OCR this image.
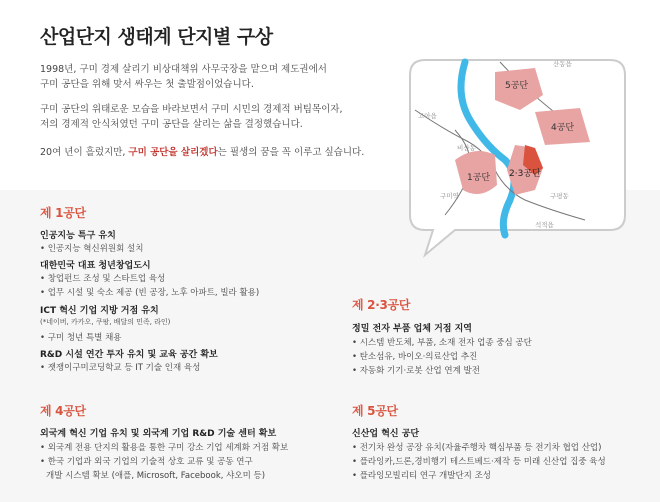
산업단지 생태계 단지별 구상
1998년, 구미 경제 살리기 비상대책위 사무국장을 맡으며 제도권에서
구미 공단을 위해 맞서 싸우는 첫 출발점이었습니다.
구미 공단의 위태로운 모습을 바라보면서 구미 시민의 경제적 버팀목이자,
저의 경제적 안식처였던 구미 공단을 살리는 삶을 결정했습니다.
20여 년이 흘렀지만, 구미 공단을 살리겠다는 필생의 꿈을 꼭 이루고 싶습니다.
5공단
4공단
1공단 2·3공단
산동읍
고아읍
비산동
구미역	구평동
석적읍
제 1공단
인공지능 특구 유치
• 인공지능 혁신위원회 설치
대한민국 대표 청년창업도시
• 창업펀드 조성 및 스타트업 육성
• 업무 시설 및 숙소 제공 (빈 공장, 노후 아파트, 빌라 활용)
ICT 혁신 기업 지방 거점 유치
(*네이버, 카카오, 쿠팡, 배달의 민족, 라인)
• 구미 청년 특별 채용
R&D 시설 연간 투자 유치 및 교육 공간 확보
• 잿쟁이구미코딩학교 등 IT 기술 인재 육성
제 2·3공단
정밀 전자 부품 업체 거점 지역
• 시스템 반도체, 부품, 소재 전자 업종 중심 공단
• 탄소섬유, 바이오·의료산업 추진
• 자동화 기기·로봇 산업 연계 발전
제 4공단
외국계 혁신 기업 유치 및 외국계 기업 R&D 기술 센터 확보
• 외국계 전용 단지의 활용을 통한 구미 강소 기업 세계화 거점 확보
• 한국 기업과 외국 기업의 기술적 상호 교류 및 공동 연구
개발 시스템 확보 (애플, Microsoft, Facebook, 샤오미 등)
제 5공단
신산업 혁신 공단
• 전기차 완성 공장 유치(자율주행차 핵심부품 등 전기차 협업 산업)
• 플라잉카,드론,경비행기 테스트베드·제작 등 미래 신산업 집중 육성
• 플라잉모빌리티 연구 개발단지 조성
